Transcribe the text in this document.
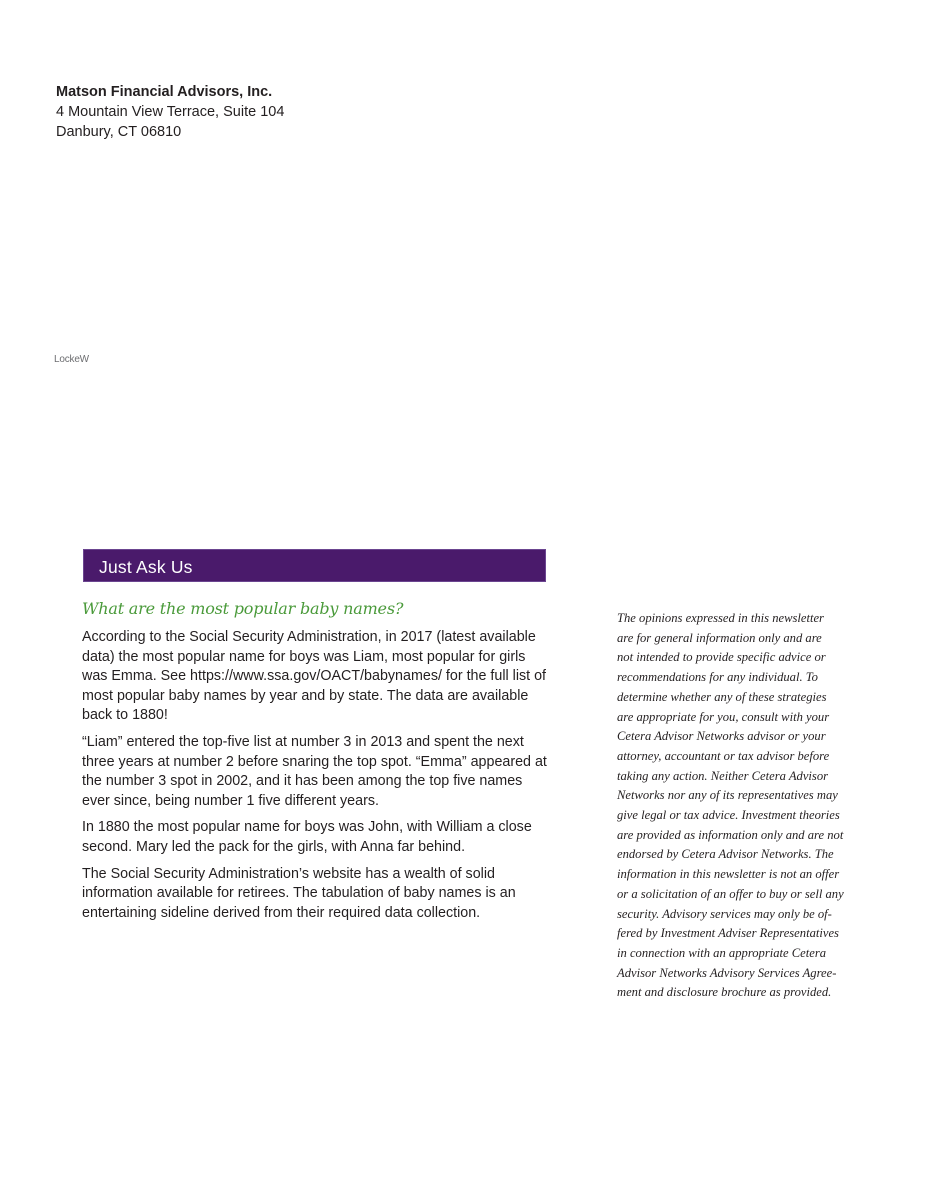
Matson Financial Advisors, Inc.
4 Mountain View Terrace, Suite 104
Danbury, CT 06810
LockeW
Just Ask Us
What are the most popular baby names?

According to the Social Security Administration, in 2017 (latest available data) the most popular name for boys was Liam, most popular for girls was Emma. See https://www.ssa.gov/OACT/babynames/ for the full list of most popular baby names by year and by state. The data are available back to 1880!

“Liam” entered the top-five list at number 3 in 2013 and spent the next three years at number 2 before snaring the top spot. “Emma” appeared at the number 3 spot in 2002, and it has been among the top five names ever since, being number 1 five different years.

In 1880 the most popular name for boys was John, with William a close second. Mary led the pack for the girls, with Anna far behind.

The Social Security Administration’s website has a wealth of solid information available for retirees. The tabulation of baby names is an entertaining sideline derived from their required data collection.

The opinions expressed in this newsletter

are for general information only and are

not intended to provide specific advice or

recommendations for any individual. To

determine whether any of these strategies

are appropriate for you, consult with your

Cetera Advisor Networks advisor or your

attorney, accountant or tax advisor before

taking any action. Neither Cetera Advisor

Networks nor any of its representatives may

give legal or tax advice. Investment theories

are provided as information only and are not

endorsed by Cetera Advisor Networks. The

information in this newsletter is not an offer

or a solicitation of an offer to buy or sell any

security. Advisory services may only be of-

fered by Investment Adviser Representatives

in connection with an appropriate Cetera

Advisor Networks Advisory Services Agree-

ment and disclosure brochure as provided.
